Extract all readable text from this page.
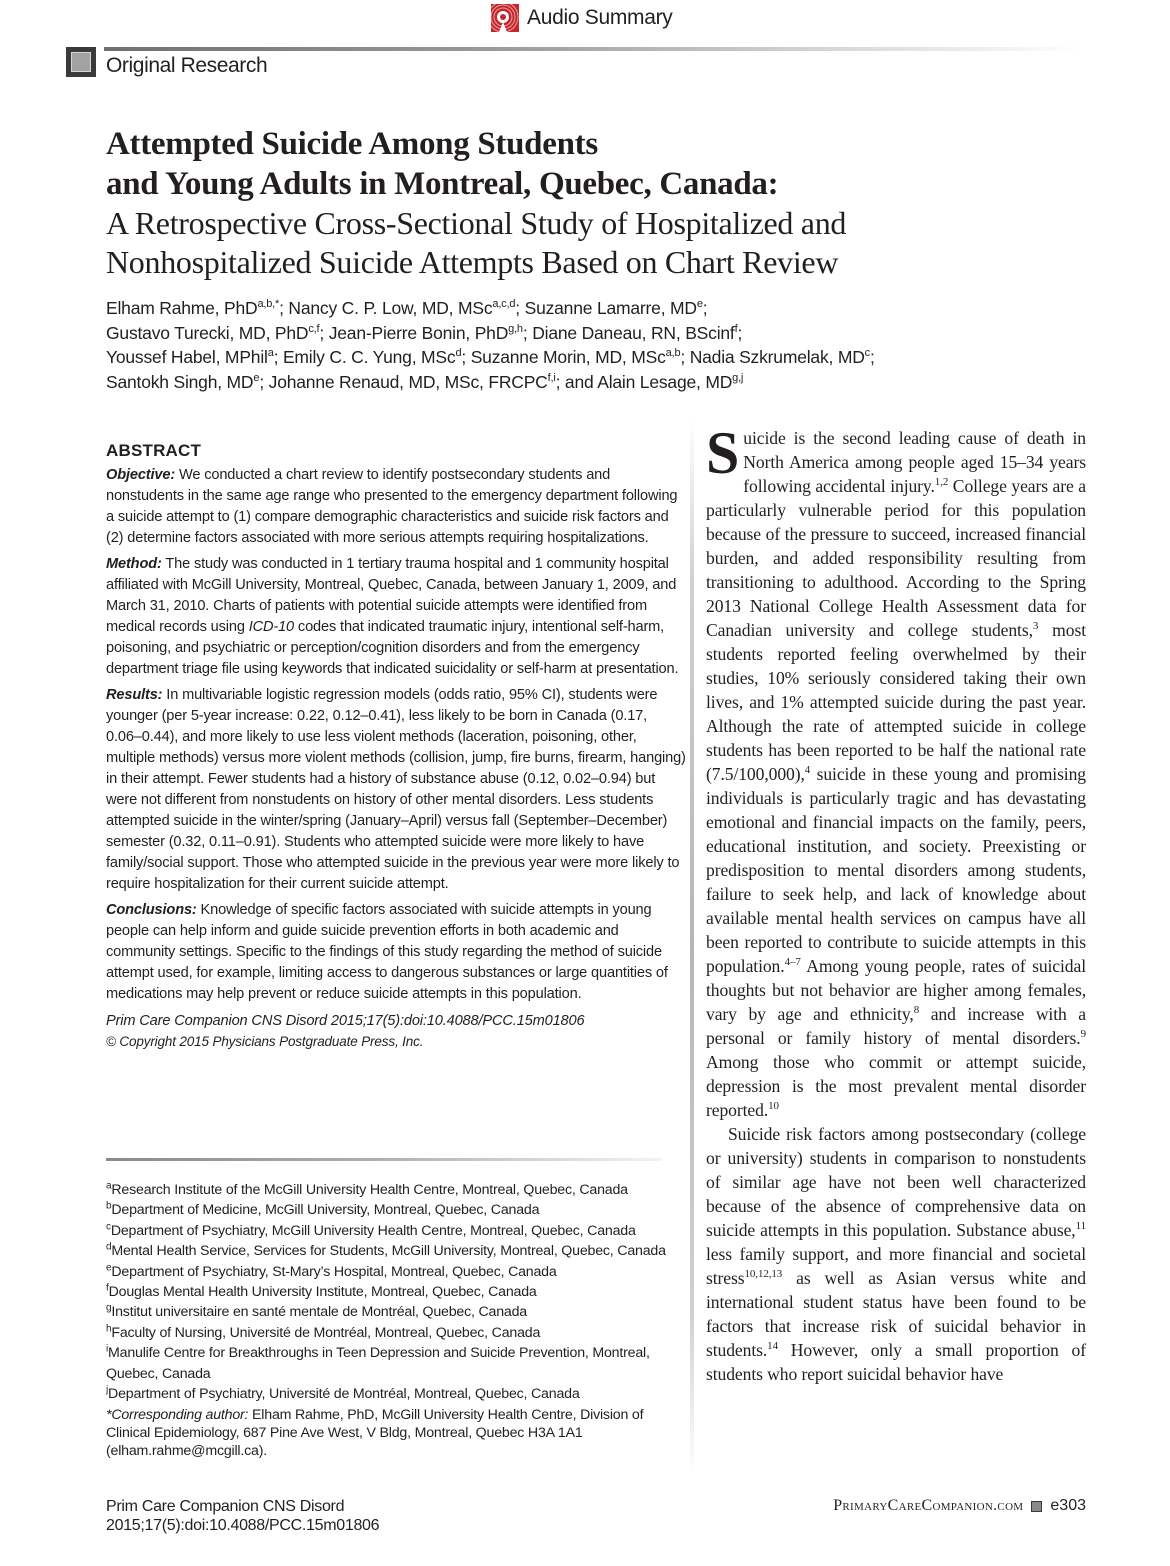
Audio Summary
Original Research
Attempted Suicide Among Students
and Young Adults in Montreal, Quebec, Canada:
A Retrospective Cross-Sectional Study of Hospitalized and
Nonhospitalized Suicide Attempts Based on Chart Review
Elham Rahme, PhD$^{a,b,*}$; Nancy C. P. Low, MD, MSc$^{a,c,d}$; Suzanne Lamarre, MDe;
Gustavo Turecki, MD, PhD$^{c,f}$; Jean-Pierre Bonin, PhD$^{g,h}$; Diane Daneau, RN, BScinf$^f$;
Youssef Habel, MPhil$^a$; Emily C. C. Yung, MSc$^d$; Suzanne Morin, MD, MSc$^{a,b}$; Nadia Szkrumelak, $MD^c$;
Santokh Singh, MDe; Johanne Renaud, MD, MSc, FRCPC$^{f,i}$; and Alain Lesage, MD$^{g,j}$
ABSTRACT

Objective: We conducted a chart review to identify postsecondary students and nonstudents in the same age range who presented to the emergency department following a suicide attempt to (1) compare demographic characteristics and suicide risk factors and (2) determine factors associated with more serious attempts requiring hospitalizations.

Method: The study was conducted in 1 tertiary trauma hospital and 1 community hospital affiliated with McGill University, Montreal, Quebec, Canada, between January 1, 2009, and March 31, 2010. Charts of patients with potential suicide attempts were identified from medical records using ICD-10 codes that indicated traumatic injury, intentional self-harm, poisoning, and psychiatric or perception/cognition disorders and from the emergency department triage file using keywords that indicated suicidality or self-harm at presentation.

Results: In multivariable logistic regression models (odds ratio, 95% CI), students were younger (per 5-year increase: 0.22, 0.12–0.41), less likely to be born in Canada (0.17, 0.06–0.44), and more likely to use less violent methods (laceration, poisoning, other, multiple methods) versus more violent methods (collision, jump, fire burns, firearm, hanging) in their attempt. Fewer students had a history of substance abuse (0.12, 0.02–0.94) but were not different from nonstudents on history of other mental disorders. Less students attempted suicide in the winter/spring (January–April) versus fall (September–December) semester (0.32, 0.11–0.91). Students who attempted suicide were more likely to have family/social support. Those who attempted suicide in the previous year were more likely to require hospitalization for their current suicide attempt.

Conclusions: Knowledge of specific factors associated with suicide attempts in young people can help inform and guide suicide prevention efforts in both academic and community settings. Specific to the findings of this study regarding the method of suicide attempt used, for example, limiting access to dangerous substances or large quantities of medications may help prevent or reduce suicide attempts in this population.

Prim Care Companion CNS Disord 2015;17(5):doi:10.4088/PCC.15m01806
© Copyright 2015 Physicians Postgraduate Press, Inc.
$^a$Research Institute of the McGill University Health Centre, Montreal, Quebec, Canada
$^b$Department of Medicine, McGill University, Montreal, Quebec, Canada
$^c$Department of Psychiatry, McGill University Health Centre, Montreal, Quebec, Canada
$^d$Mental Health Service, Services for Students, McGill University, Montreal, Quebec, Canada
$^e$Department of Psychiatry, St-Mary’s Hospital, Montreal, Quebec, Canada
$^f$Douglas Mental Health University Institute, Montreal, Quebec, Canada
$^g$Institut universitaire en santé mentale de Montréal, Quebec, Canada
$^h$Faculty of Nursing, Université de Montréal, Montreal, Quebec, Canada
$^i$Manulife Centre for Breakthroughs in Teen Depression and Suicide Prevention, Montreal, Quebec, Canada
$^j$Department of Psychiatry, Université de Montréal, Montreal, Quebec, Canada
*Corresponding author: Elham Rahme, PhD, McGill University Health Centre, Division of Clinical Epidemiology, 687 Pine Ave West, V Bldg, Montreal, Quebec H3A 1A1 (elham.rahme@mcgill.ca).

Suicide is the second leading cause of death in North America among people aged 15–34 years following accidental injury.$^{1,2}$ College years are a particularly vulnerable period for this population because of the pressure to succeed, increased financial burden, and added responsibility resulting from transitioning to adulthood. According to the Spring 2013 National College Health Assessment data for Canadian university and college students,$^3$ most students reported feeling overwhelmed by their studies, 10% seriously considered taking their own lives, and 1% attempted suicide during the past year. Although the rate of attempted suicide in college students has been reported to be half the national rate (7.5/100,000),$^4$ suicide in these young and promising individuals is particularly tragic and has devastating emotional and financial impacts on the family, peers, educational institution, and society. Preexisting or predisposition to mental disorders among students, failure to seek help, and lack of knowledge about available mental health services on campus have all been reported to contribute to suicide attempts in this population.$^{4-7}$ Among young people, rates of suicidal thoughts but not behavior are higher among females, vary by age and ethnicity,$^8$ and increase with a personal or family history of mental disorders.$^9$ Among those who commit or attempt suicide, depression is the most prevalent mental disorder reported.$^{10}$

Suicide risk factors among postsecondary (college or university) students in comparison to nonstudents of similar age have not been well characterized because of the absence of comprehensive data on suicide attempts in this population. Substance abuse,$^{11}$ less family support, and more financial and societal stress$^{10,12,13}$ as well as Asian versus white and international student status have been found to be factors that increase risk of suicidal behavior in students.$^{14}$ However, only a small proportion of students who report suicidal behavior have

Prim Care Companion CNS Disord
2015;17(5):doi:10.4088/PCC.15m01806
PrimaryCareCompanion.com e303
